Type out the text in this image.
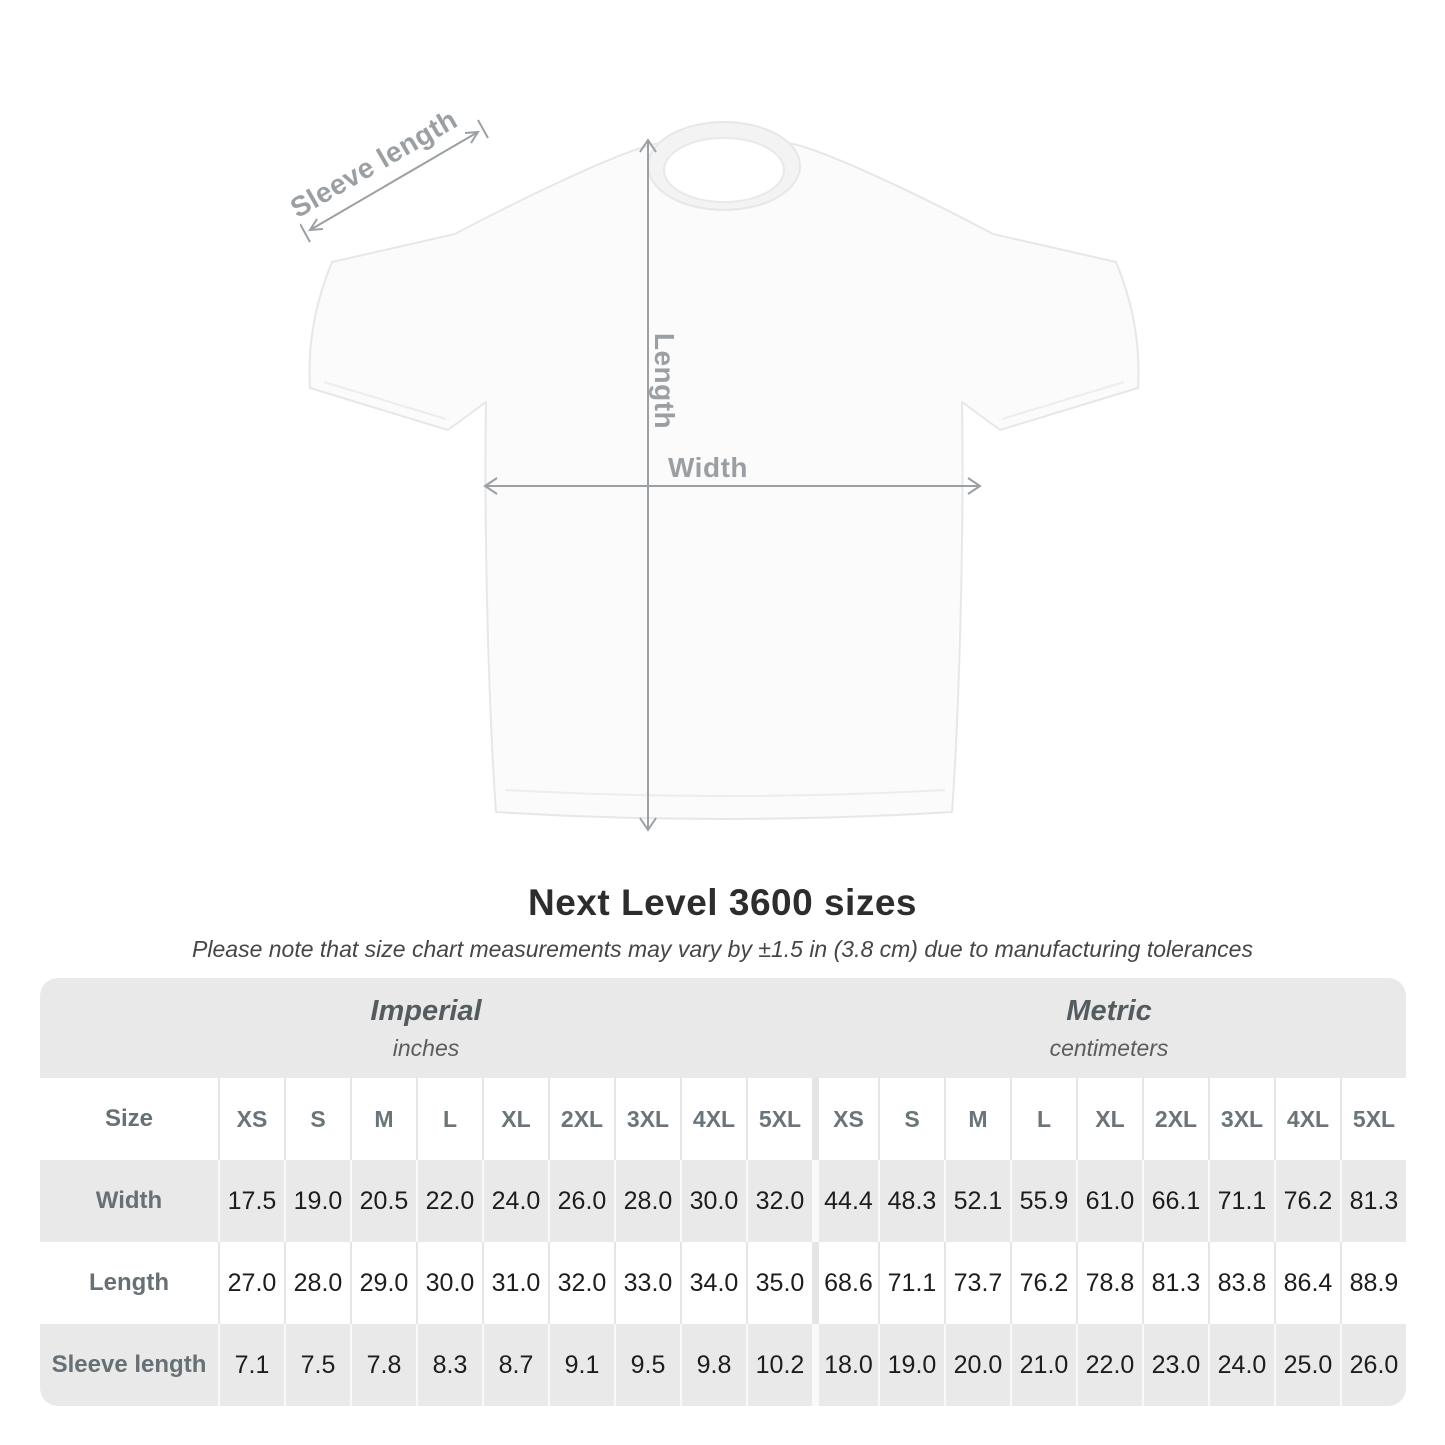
Sleeve length
Length
Width
Next Level 3600 sizes
Please note that size chart measurements may vary by ±1.5 in (3.8 cm) due to manufacturing tolerances
Imperial
inches
Metric
centimeters
Size	XS	S	M	L	XL	2XL	3XL	4XL	5XL	XS	S	M	L	XL	2XL	3XL	4XL	5XL
Width	17.5 19.0 20.5 22.0 24.0 26.0 28.0 30.0 32.0 44.4 48.3 52.1 55.9 61.0 66.1 71.1 76.2 81.3
Length	27.0 28.0 29.0 30.0 31.0 32.0 33.0 34.0 35.0 68.6 71.1 73.7 76.2 78.8 81.3 83.8 86.4 88.9
Sleeve length	7.1	7.5	7.8	8.3	8.7	9.1	9.5	9.8 10.2 18.0 19.0 20.0 21.0 22.0 23.0 24.0 25.0 26.0
